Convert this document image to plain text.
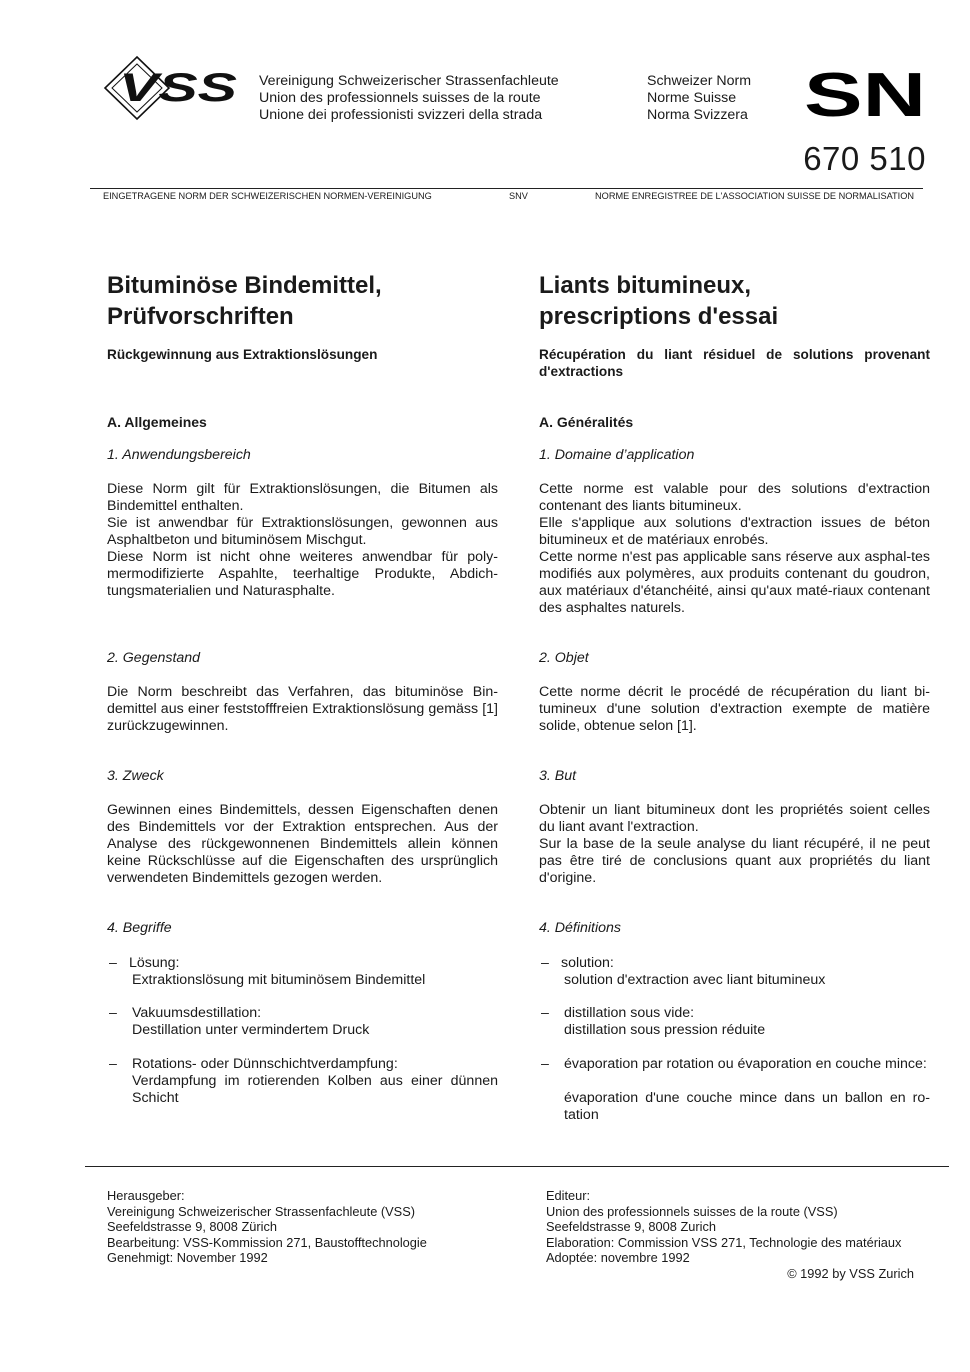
VSS Vereinigung Schweizerischer Strassenfachleute
Union des professionnels suisses de la route
Unione dei professionisti svizzeri della strada
Schweizer Norm
Norme Suisse
Norma Svizzera SN
670 510
EINGETRAGENE NORM DER SCHWEIZERISCHEN NORMEN-VEREINIGUNG	SNV	NORME ENREGISTREE DE L'ASSOCIATION SUISSE DE NORMALISATION
Bituminöse Bindemittel,
Prüfvorschriften
Rückgewinnung aus Extraktionslösungen
A. Allgemeines
1. Anwendungsbereich

Diese Norm gilt für Extraktionslösungen, die Bitumen als Bindemittel enthalten.

Sie ist anwendbar für Extraktionslösungen, gewonnen aus Asphaltbeton und bituminösem Mischgut.

Diese Norm ist nicht ohne weiteres anwendbar für poly-mermodifizierte Aspahlte, teerhaltige Produkte, Abdich-tungsmaterialien und Naturasphalte.

2. Gegenstand

Die Norm beschreibt das Verfahren, das bituminöse Bin-demittel aus einer feststofffreien Extraktionslösung gemäss [1] zurückzugewinnen.

3. Zweck

Gewinnen eines Bindemittels, dessen Eigenschaften denen des Bindemittels vor der Extraktion entsprechen. Aus der Analyse des rückgewonnenen Bindemittels allein können keine Rückschlüsse auf die Eigenschaften des ursprünglich verwendeten Bindemittels gezogen werden.

4. Begriffe
– Lösung:
Extraktionslösung mit bituminösem Bindemittel
– Vakuumsdestillation:
Destillation unter vermindertem Druck
– Rotations- oder Dünnschichtverdampfung:
Verdampfung im rotierenden Kolben aus einer dünnen Schicht
Liants bitumineux,
prescriptions d'essai
Récupération du liant résiduel de solutions provenant d'extractions
A. Généralités
1. Domaine d’application

Cette norme est valable pour des solutions d'extraction contenant des liants bitumineux.

Elle s'applique aux solutions d'extraction issues de béton bitumineux et de matériaux enrobés.

Cette norme n'est pas applicable sans réserve aux asphal-tes modifiés aux polymères, aux produits contenant du goudron, aux matériaux d'étanchéité, ainsi qu'aux maté-riaux contenant des asphaltes naturels.

2. Objet

Cette norme décrit le procédé de récupération du liant bi-tumineux d'une solution d'extraction exempte de matière solide, obtenue selon [1].

3. But

Obtenir un liant bitumineux dont les propriétés soient celles du liant avant l'extraction.

Sur la base de la seule analyse du liant récupéré, il ne peut pas être tiré de conclusions quant aux propriétés du liant d'origine.

4. Définitions
– solution:
solution d'extraction avec liant bitumineux
– distillation sous vide:
distillation sous pression réduite
– évaporation par rotation ou évaporation en couche mince:
évaporation d'une couche mince dans un ballon en ro-tation
Herausgeber:
Vereinigung Schweizerischer Strassenfachleute (VSS)
Seefeldstrasse 9, 8008 Zürich
Bearbeitung: VSS-Kommission 271, Baustofftechnologie
Genehmigt: November 1992
Editeur:
Union des professionnels suisses de la route (VSS)
Seefeldstrasse 9, 8008 Zurich
Elaboration: Commission VSS 271, Technologie des matériaux
Adoptée: novembre 1992
© 1992 by VSS Zurich
